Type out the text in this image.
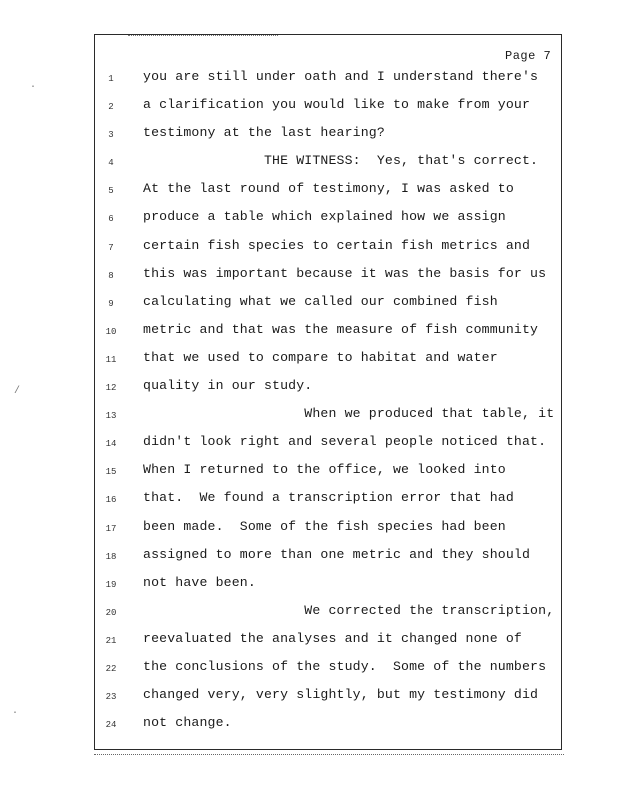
·
/
·
Page 7
1	you are still under oath and I understand there's
2	a clarification you would like to make from your
3	testimony at the last hearing?
4	THE WITNESS:  Yes, that's correct.
5	At the last round of testimony, I was asked to
6	produce a table which explained how we assign
7	certain fish species to certain fish metrics and
8	this was important because it was the basis for us
9	calculating what we called our combined fish
10	metric and that was the measure of fish community
11	that we used to compare to habitat and water
12	quality in our study.
13	When we produced that table, it
14	didn't look right and several people noticed that.
15	When I returned to the office, we looked into
16	that.  We found a transcription error that had
17	been made.  Some of the fish species had been
18	assigned to more than one metric and they should
19	not have been.
20	We corrected the transcription,
21	reevaluated the analyses and it changed none of
22	the conclusions of the study.  Some of the numbers
23	changed very, very slightly, but my testimony did
24	not change.
